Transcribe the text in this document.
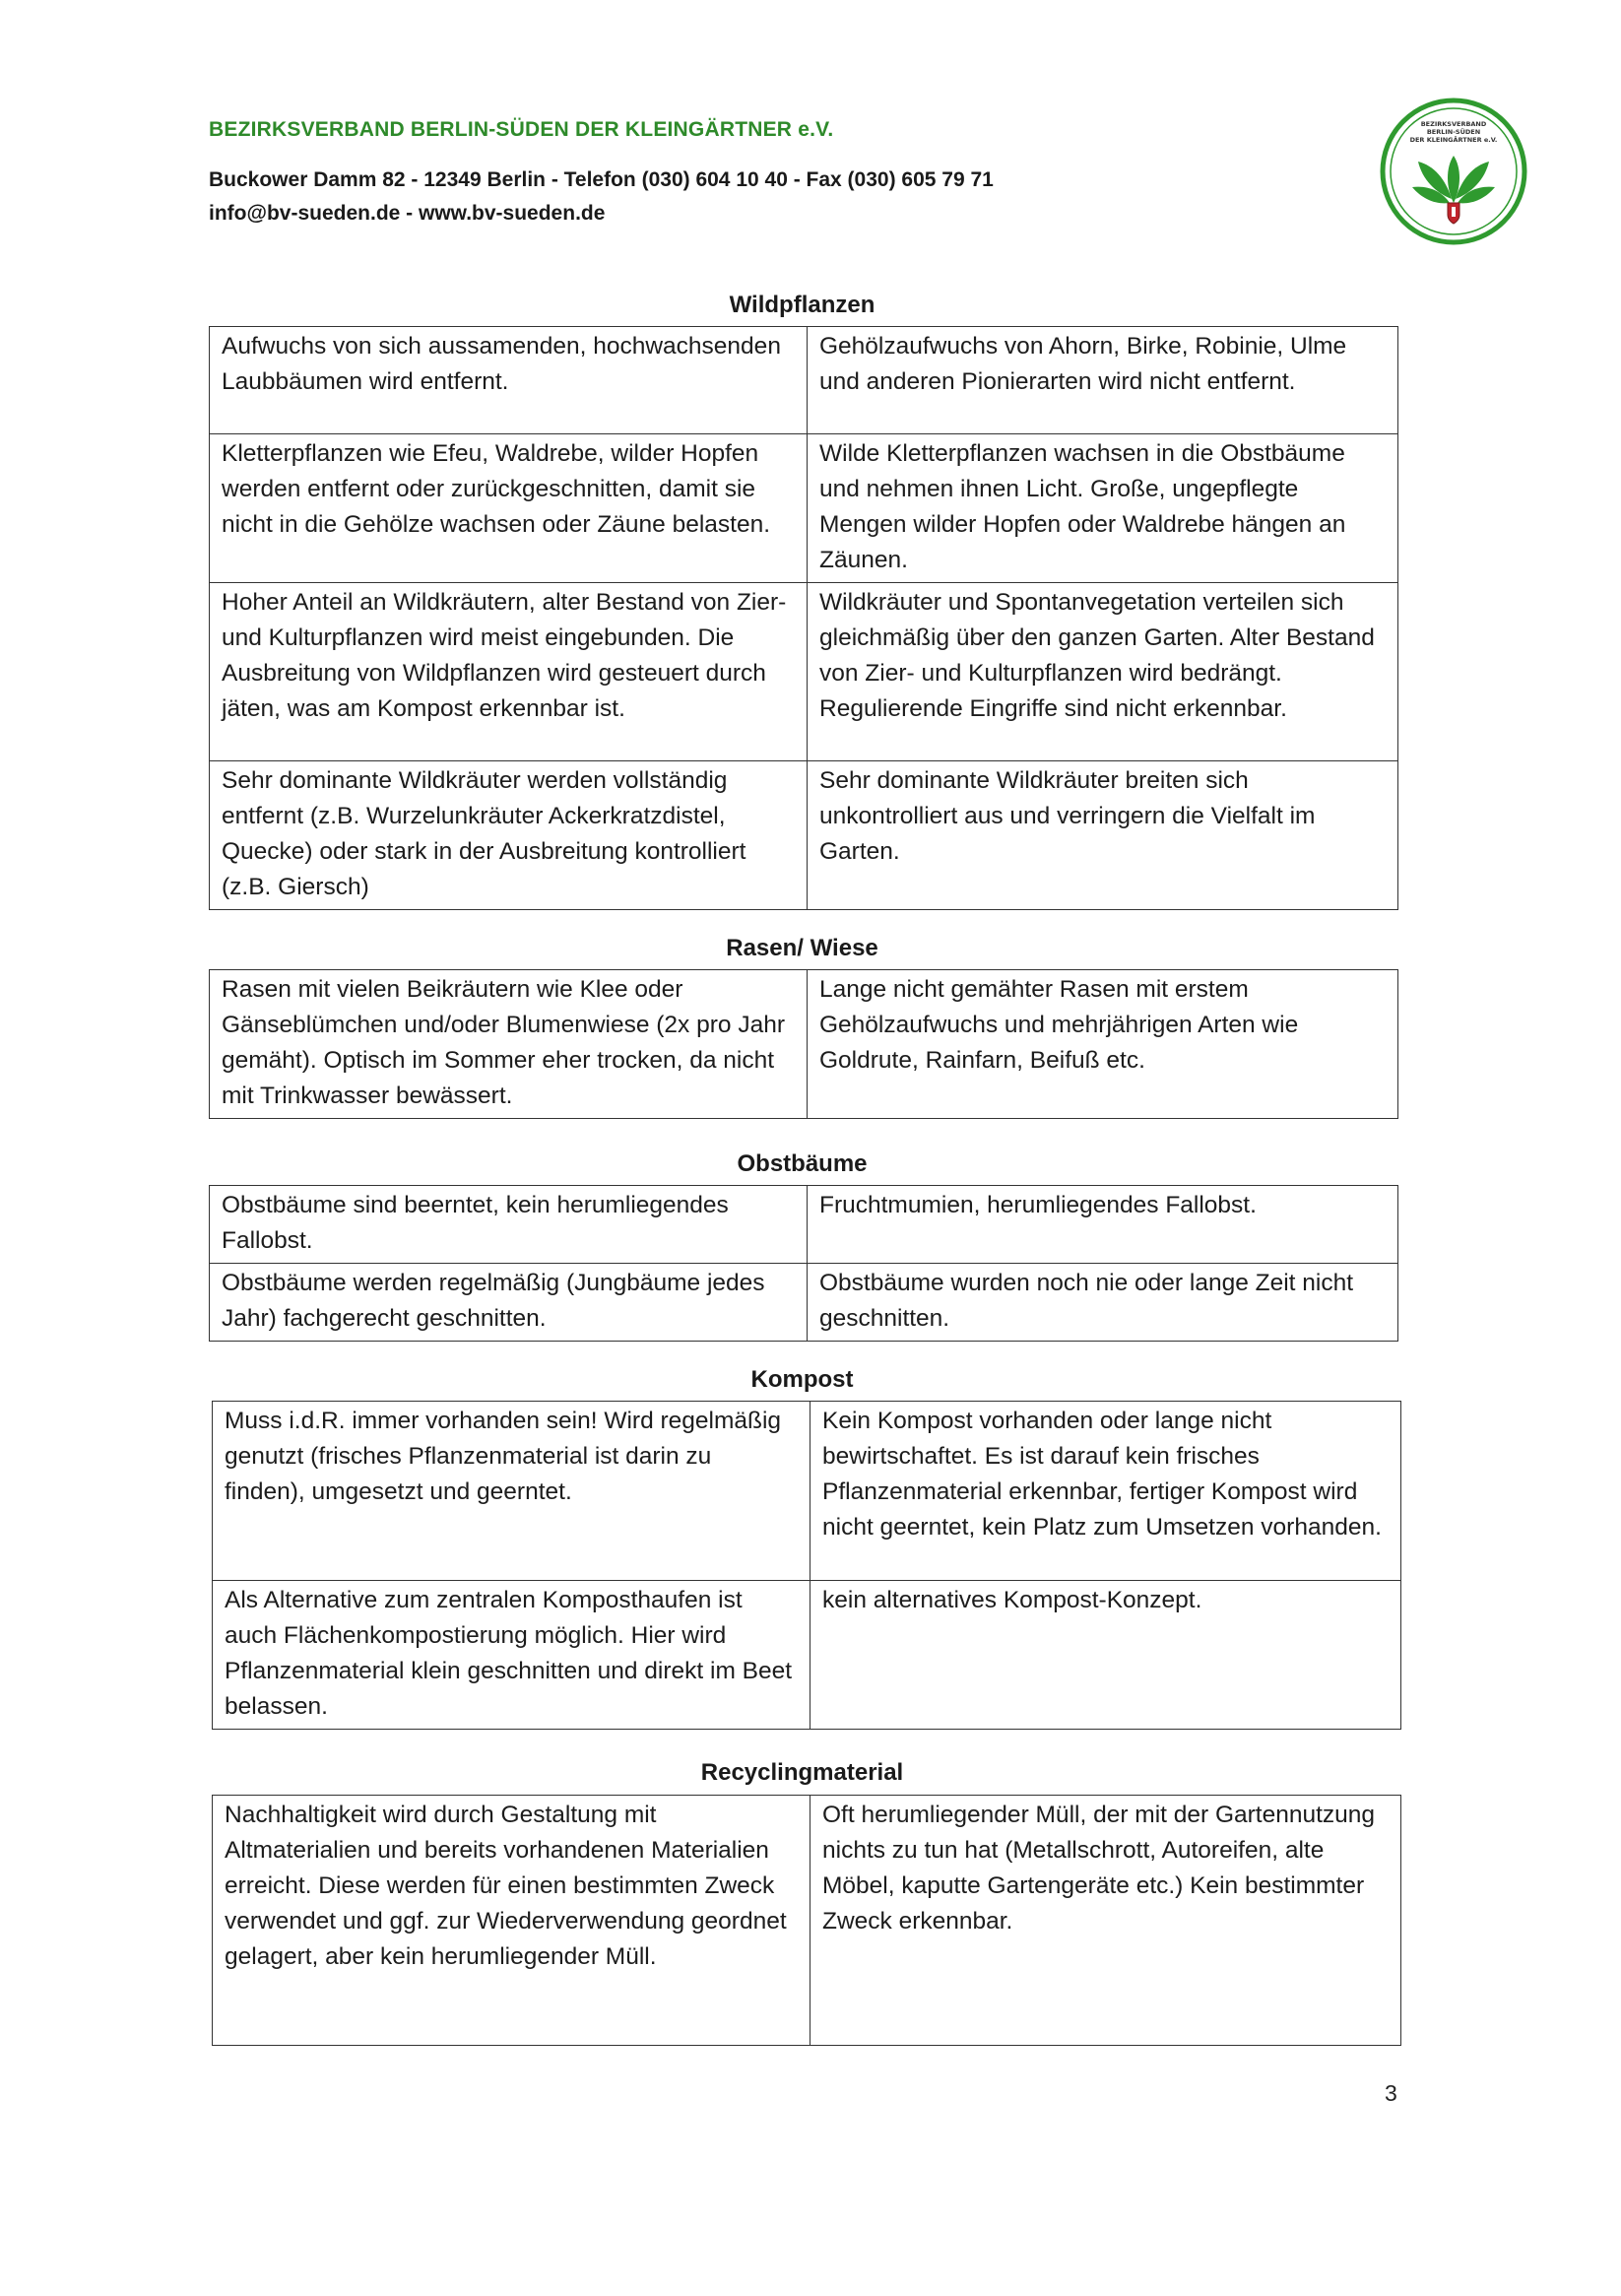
BEZIRKSVERBAND BERLIN-SÜDEN DER KLEINGÄRTNER e.V.
Buckower Damm 82 - 12349 Berlin - Telefon (030) 604 10 40 - Fax (030) 605 79 71
info@bv-sueden.de - www.bv-sueden.de
BEZIRKSVERBAND
BERLIN-SÜDEN
DER KLEINGÄRTNER e.V.
Wildpflanzen
Aufwuchs von sich aussamenden, hochwachsenden Laubbäumen wird entfernt.	Gehölzaufwuchs von Ahorn, Birke, Robinie, Ulme und anderen Pionierarten wird nicht entfernt.
Kletterpflanzen wie Efeu, Waldrebe, wilder Hopfen werden entfernt oder zurückgeschnitten, damit sie nicht in die Gehölze wachsen oder Zäune belasten.	Wilde Kletterpflanzen wachsen in die Obstbäume und nehmen ihnen Licht. Große, ungepflegte Mengen wilder Hopfen oder Waldrebe hängen an Zäunen.
Hoher Anteil an Wildkräutern, alter Bestand von Zier- und Kulturpflanzen wird meist eingebunden. Die Ausbreitung von Wildpflanzen wird gesteuert durch jäten, was am Kompost erkennbar ist.	Wildkräuter und Spontanvegetation verteilen sich gleichmäßig über den ganzen Garten. Alter Bestand von Zier- und Kulturpflanzen wird bedrängt. Regulierende Eingriffe sind nicht erkennbar.
Sehr dominante Wildkräuter werden vollständig entfernt (z.B. Wurzelunkräuter Ackerkratzdistel, Quecke) oder stark in der Ausbreitung kontrolliert (z.B. Giersch)	Sehr dominante Wildkräuter breiten sich unkontrolliert aus und verringern die Vielfalt im Garten.
Rasen/ Wiese
Rasen mit vielen Beikräutern wie Klee oder Gänseblümchen und/oder Blumenwiese (2x pro Jahr gemäht). Optisch im Sommer eher trocken, da nicht mit Trinkwasser bewässert.	Lange nicht gemähter Rasen mit erstem Gehölzaufwuchs und mehrjährigen Arten wie Goldrute, Rainfarn, Beifuß etc.
Obstbäume
Obstbäume sind beerntet, kein herumliegendes Fallobst.	Fruchtmumien, herumliegendes Fallobst.
Obstbäume werden regelmäßig (Jungbäume jedes Jahr) fachgerecht geschnitten.	Obstbäume wurden noch nie oder lange Zeit nicht geschnitten.
Kompost
Muss i.d.R. immer vorhanden sein! Wird regelmäßig genutzt (frisches Pflanzenmaterial ist darin zu finden), umgesetzt und geerntet.	Kein Kompost vorhanden oder lange nicht bewirtschaftet. Es ist darauf kein frisches Pflanzenmaterial erkennbar, fertiger Kompost wird nicht geerntet, kein Platz zum Umsetzen vorhanden.
Als Alternative zum zentralen Komposthaufen ist auch Flächenkompostierung möglich. Hier wird Pflanzenmaterial klein geschnitten und direkt im Beet belassen.	kein alternatives Kompost-Konzept.
Recyclingmaterial
Nachhaltigkeit wird durch Gestaltung mit Altmaterialien und bereits vorhandenen Materialien erreicht. Diese werden für einen bestimmten Zweck verwendet und ggf. zur Wiederverwendung geordnet gelagert, aber kein herumliegender Müll.	Oft herumliegender Müll, der mit der Gartennutzung nichts zu tun hat (Metallschrott, Autoreifen, alte Möbel, kaputte Gartengeräte etc.) Kein bestimmter Zweck erkennbar.
3
